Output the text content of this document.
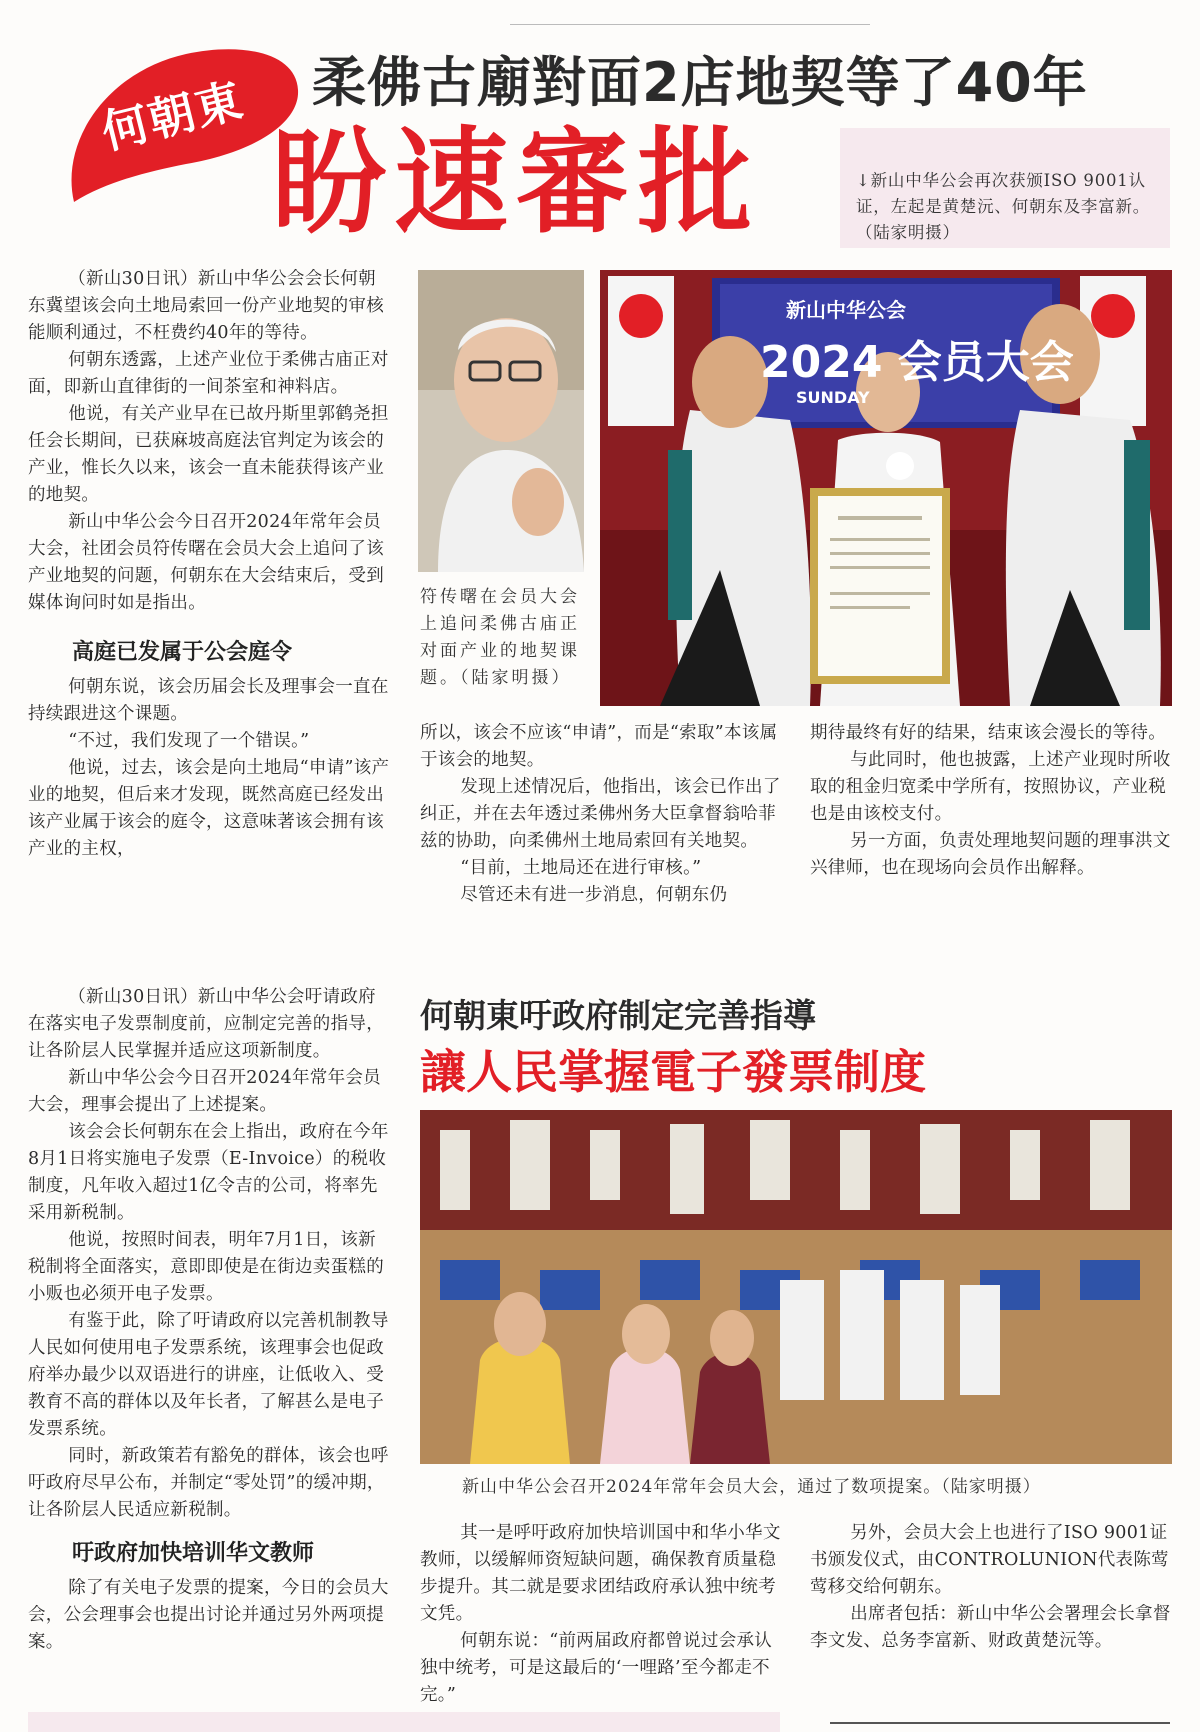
何朝東 柔佛古廟對面2店地契等了40年
盼速審批	↓新山中华公会再次获颁ISO 9001认证，左起是黄楚沅、何朝东及李富新。（陆家明摄）

（新山30日讯）新山中华公会会长何朝东冀望该会向土地局索回一份产业地契的审核能顺利通过，不枉费约40年的等待。

何朝东透露，上述产业位于柔佛古庙正对面，即新山直律街的一间茶室和神料店。

他说，有关产业早在已故丹斯里郭鹤尧担任会长期间，已获麻坡高庭法官判定为该会的产业，惟长久以来，该会一直未能获得该产业的地契。

新山中华公会今日召开2024年常年会员大会，社团会员符传曙在会员大会上追问了该产业地契的问题，何朝东在大会结束后，受到媒体询问时如是指出。

高庭已发属于公会庭令

何朝东说，该会历届会长及理事会一直在持续跟进这个课题。

“不过，我们发现了一个错误。”

他说，过去，该会是向土地局“申请”该产业的地契，但后来才发现，既然高庭已经发出该产业属于该会的庭令，这意味著该会拥有该产业的主权，

符传曙在会员大会上追问柔佛古庙正对面产业的地契课题。（陆家明摄）
新山中华公会
2024 会员大会
SUNDAY

所以，该会不应该“申请”，而是“索取”本该属于该会的地契。

发现上述情况后，他指出，该会已作出了纠正，并在去年透过柔佛州务大臣拿督翁哈菲兹的协助，向柔佛州土地局索回有关地契。

“目前，土地局还在进行审核。”

尽管还未有进一步消息，何朝东仍

期待最终有好的结果，结束该会漫长的等待。

与此同时，他也披露，上述产业现时所收取的租金归宽柔中学所有，按照协议，产业税也是由该校支付。

另一方面，负责处理地契问题的理事洪文兴律师，也在现场向会员作出解释。

（新山30日讯）新山中华公会吁请政府在落实电子发票制度前，应制定完善的指导，让各阶层人民掌握并适应这项新制度。

新山中华公会今日召开2024年常年会员大会，理事会提出了上述提案。

该会会长何朝东在会上指出，政府在今年8月1日将实施电子发票（E-Invoice）的税收制度，凡年收入超过1亿令吉的公司，将率先采用新税制。

他说，按照时间表，明年7月1日，该新税制将全面落实，意即即使是在街边卖蛋糕的小贩也必须开电子发票。

有鉴于此，除了吁请政府以完善机制教导人民如何使用电子发票系统，该理事会也促政府举办最少以双语进行的讲座，让低收入、受教育不高的群体以及年长者，了解甚么是电子发票系统。

同时，新政策若有豁免的群体，该会也呼吁政府尽早公布，并制定“零处罚”的缓冲期，让各阶层人民适应新税制。

吁政府加快培训华文教师

除了有关电子发票的提案，今日的会员大会，公会理事会也提出讨论并通过另外两项提案。

何朝東吁政府制定完善指導
讓人民掌握電子發票制度
新山中华公会召开2024年常年会员大会，通过了数项提案。（陆家明摄）

其一是呼吁政府加快培训国中和华小华文教师，以缓解师资短缺问题，确保教育质量稳步提升。其二就是要求团结政府承认独中统考文凭。

何朝东说：“前两届政府都曾说过会承认独中统考，可是这最后的‘一哩路’至今都走不完。”

另外，会员大会上也进行了ISO 9001证书颁发仪式，由CONTROLUNION代表陈莺莺移交给何朝东。

出席者包括：新山中华公会署理会长拿督李文发、总务李富新、财政黄楚沅等。
